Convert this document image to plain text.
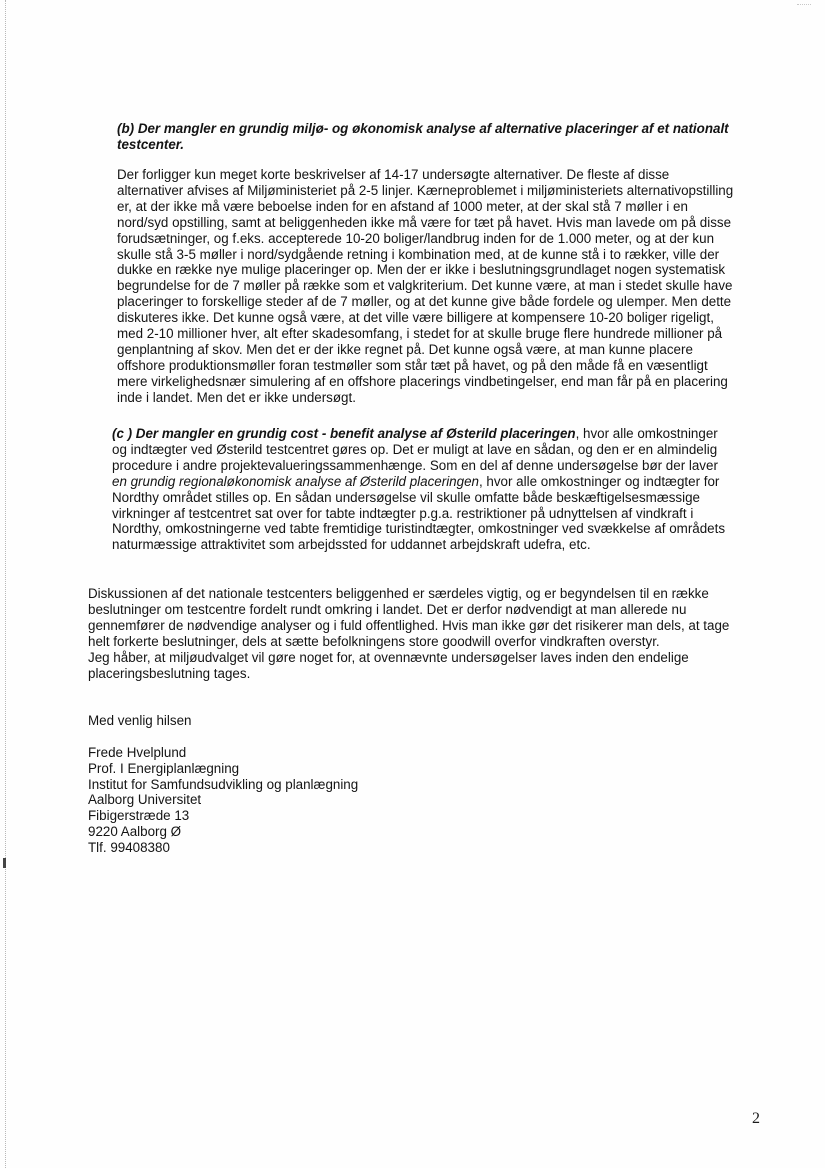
(b) Der mangler en grundig miljø- og økonomisk analyse af alternative placeringer af et nationalt testcenter.

Der forligger kun meget korte beskrivelser af 14-17 undersøgte alternativer. De fleste af disse
alternativer afvises af Miljøministeriet på 2-5 linjer. Kærneproblemet i miljøministeriets alternativopstilling
er, at der ikke må være beboelse inden for en afstand af 1000 meter, at der skal stå 7 møller i en
nord/syd opstilling, samt at beliggenheden ikke må være for tæt på havet. Hvis man lavede om på disse
forudsætninger, og f.eks. accepterede 10-20 boliger/landbrug inden for de 1.000 meter, og at der kun
skulle stå 3-5 møller i nord/sydgående retning i kombination med, at de kunne stå i to rækker, ville der
dukke en række nye mulige placeringer op. Men der er ikke i beslutningsgrundlaget nogen systematisk
begrundelse for de 7 møller på række som et valgkriterium. Det kunne være, at man i stedet skulle have
placeringer to forskellige steder af de 7 møller, og at det kunne give både fordele og ulemper. Men dette
diskuteres ikke. Det kunne også være, at det ville være billigere at kompensere 10-20 boliger rigeligt,
med 2-10 millioner hver, alt efter skadesomfang, i stedet for at skulle bruge flere hundrede millioner på
genplantning af skov. Men det er der ikke regnet på. Det kunne også være, at man kunne placere
offshore produktionsmøller foran testmøller som står tæt på havet, og på den måde få en væsentligt
mere virkelighedsnær simulering af en offshore placerings vindbetingelser, end man får på en placering
inde i landet. Men det er ikke undersøgt.

(c ) Der mangler en grundig cost - benefit analyse af Østerild placeringen, hvor alle omkostninger
og indtægter ved Østerild testcentret gøres op. Det er muligt at lave en sådan, og den er en almindelig
procedure i andre projektevalueringssammenhænge. Som en del af denne undersøgelse bør der laver
en grundig regionaløkonomisk analyse af Østerild placeringen, hvor alle omkostninger og indtægter for
Nordthy området stilles op. En sådan undersøgelse vil skulle omfatte både beskæftigelsesmæssige
virkninger af testcentret sat over for tabte indtægter p.g.a. restriktioner på udnyttelsen af vindkraft i
Nordthy, omkostningerne ved tabte fremtidige turistindtægter, omkostninger ved svækkelse af områdets
naturmæssige attraktivitet som arbejdssted for uddannet arbejdskraft udefra, etc.

Diskussionen af det nationale testcenters beliggenhed er særdeles vigtig, og er begyndelsen til en række
beslutninger om testcentre fordelt rundt omkring i landet. Det er derfor nødvendigt at man allerede nu
gennemfører de nødvendige analyser og i fuld offentlighed. Hvis man ikke gør det risikerer man dels, at tage
helt forkerte beslutninger, dels at sætte befolkningens store goodwill overfor vindkraften overstyr.
Jeg håber, at miljøudvalget vil gøre noget for, at ovennævnte undersøgelser laves inden den endelige
placeringsbeslutning tages.

Med venlig hilsen

Frede Hvelplund
Prof. I Energiplanlægning
Institut for Samfundsudvikling og planlægning
Aalborg Universitet
Fibigerstræde 13
9220 Aalborg Ø
Tlf. 99408380

2
